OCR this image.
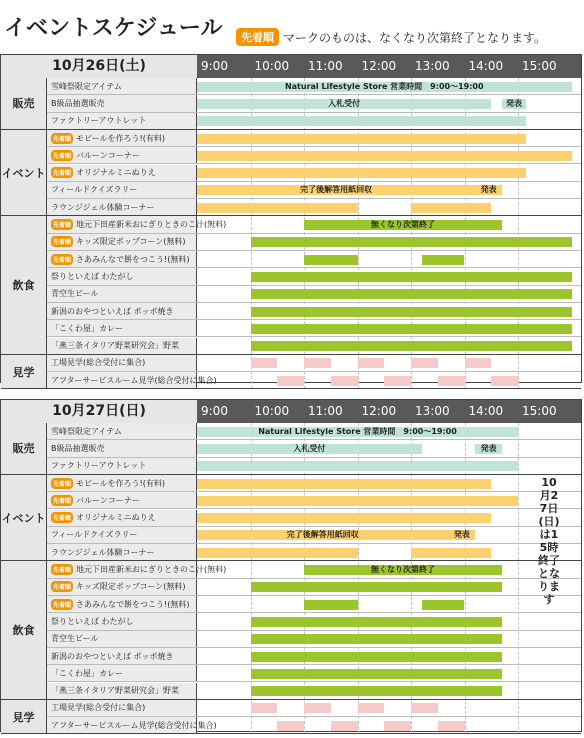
イベントスケジュール	先着順 マークのものは、なくなり次第終了となります。
10月26日(土)	9:00 10:00 11:00 12:00 13:00 14:00 15:00
販売
雪峰祭限定アイテム	Natural Lifestyle Store 営業時間　9:00〜19:00
B級品抽選販売	入札受付	発表
ファクトリーアウトレット
イベント
先着順 モビールを作ろう!(有料)
先着順 バルーンコーナー
先着順 オリジナルミニぬりえ
フィールドクイズラリー	完了後解答用紙回収	発表
ラウンジジェル体験コーナー
飲食
先着順 地元下田産新米おにぎりときのこ汁(無料)	無くなり次第終了
先着順 キッズ限定ポップコーン(無料)
先着順 さあみんなで餅をつこう!(無料)
祭りといえば わたがし
青空生ビール
新潟のおやつといえば ポッポ焼き
「こくわ屋」カレー
「燕三条イタリア野菜研究会」野菜
見学
工場見学(総合受付に集合)
アフターサービスルーム見学(総合受付に集合)
10月27日(日)	9:00 10:00 11:00 12:00 13:00 14:00 15:00
販売
雪峰祭限定アイテム	Natural Lifestyle Store 営業時間　9:00〜19:00
B級品抽選販売	入札受付	発表
ファクトリーアウトレット
イベント
先着順 モビールを作ろう!(有料)
先着順 バルーンコーナー
先着順 オリジナルミニぬりえ
フィールドクイズラリー	完了後解答用紙回収	発表
ラウンジジェル体験コーナー
飲食
先着順 地元下田産新米おにぎりときのこ汁(無料)	無くなり次第終了
先着順 キッズ限定ポップコーン(無料)
先着順 さあみんなで餅をつこう!(無料)
祭りといえば わたがし
青空生ビール
新潟のおやつといえば ポッポ焼き
「こくわ屋」カレー
「燕三条イタリア野菜研究会」野菜
見学
工場見学(総合受付に集合)
アフターサービスルーム見学(総合受付に集合)
10月27日(日)は15時終了となります
